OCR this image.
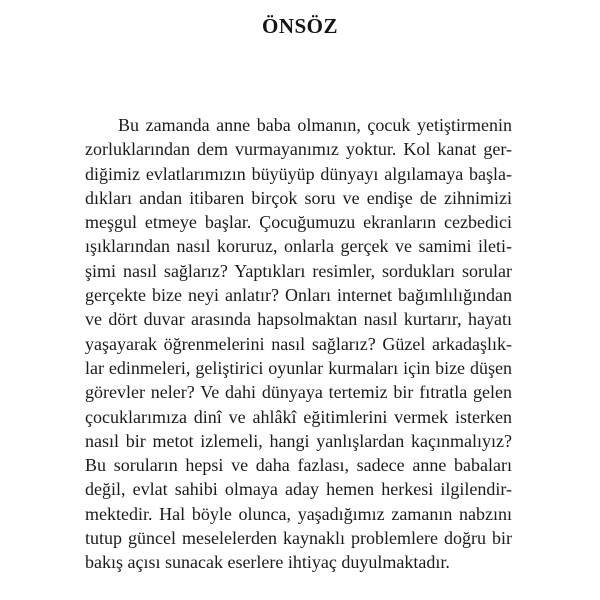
ÖNSÖZ
Bu zamanda anne baba olmanın, çocuk yetiştirmenin
zorluklarından dem vurmayanımız yoktur. Kol kanat ger-
diğimiz evlatlarımızın büyüyüp dünyayı algılamaya başla-
dıkları andan itibaren birçok soru ve endişe de zihnimizi
meşgul etmeye başlar. Çocuğumuzu ekranların cezbedici
ışıklarından nasıl koruruz, onlarla gerçek ve samimi ileti-
şimi nasıl sağlarız? Yaptıkları resimler, sordukları sorular
gerçekte bize neyi anlatır? Onları internet bağımlılığından
ve dört duvar arasında hapsolmaktan nasıl kurtarır, hayatı
yaşayarak öğrenmelerini nasıl sağlarız? Güzel arkadaşlık-
lar edinmeleri, geliştirici oyunlar kurmaları için bize düşen
görevler neler? Ve dahi dünyaya tertemiz bir fıtratla gelen
çocuklarımıza dinî ve ahlâkî eğitimlerini vermek isterken
nasıl bir metot izlemeli, hangi yanlışlardan kaçınmalıyız?
Bu soruların hepsi ve daha fazlası, sadece anne babaları
değil, evlat sahibi olmaya aday hemen herkesi ilgilendir-
mektedir. Hal böyle olunca, yaşadığımız zamanın nabzını
tutup güncel meselelerden kaynaklı problemlere doğru bir
bakış açısı sunacak eserlere ihtiyaç duyulmaktadır.
